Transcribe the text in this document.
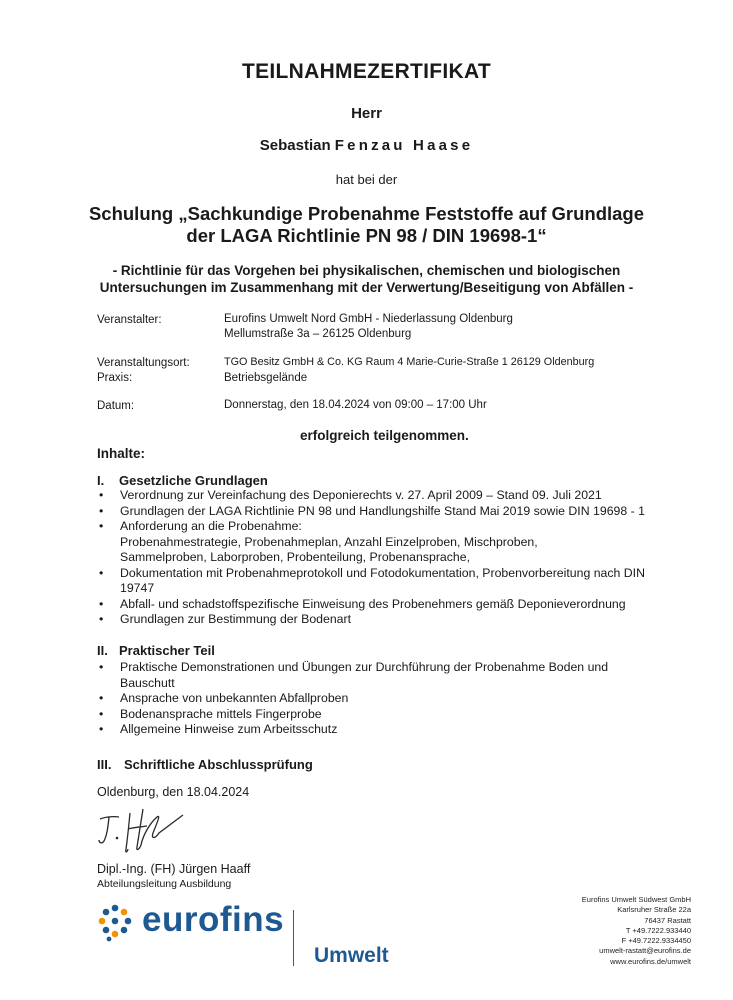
TEILNAHMEZERTIFIKAT
Herr
Sebastian Fenzau Haase
hat bei der
Schulung „Sachkundige Probenahme Feststoffe auf Grundlage
der LAGA Richtlinie PN 98 / DIN 19698-1“
- Richtlinie für das Vorgehen bei physikalischen, chemischen und biologischen
Untersuchungen im Zusammenhang mit der Verwertung/Beseitigung von Abfällen -
Veranstalter:	Eurofins Umwelt Nord GmbH - Niederlassung Oldenburg
Mellumstraße 3a – 26125 Oldenburg
Veranstaltungsort:	TGO Besitz GmbH & Co. KG Raum 4 Marie-Curie-Straße 1 26129 Oldenburg
Praxis:	Betriebsgelände
Datum:	Donnerstag, den 18.04.2024 von 09:00 – 17:00 Uhr
erfolgreich teilgenommen.
Inhalte:
I. Gesetzliche Grundlagen
• Verordnung zur Vereinfachung des Deponierechts v. 27. April 2009 – Stand 09. Juli 2021
• Grundlagen der LAGA Richtlinie PN 98 und Handlungshilfe Stand Mai 2019 sowie DIN 19698 - 1
• Anforderung an die Probenahme:
Probenahmestrategie, Probenahmeplan, Anzahl Einzelproben, Mischproben, Sammelproben, Laborproben, Probenteilung, Probenansprache,
• Dokumentation mit Probenahmeprotokoll und Fotodokumentation, Probenvorbereitung nach DIN 19747
• Abfall- und schadstoffspezifische Einweisung des Probenehmers gemäß Deponieverordnung
• Grundlagen zur Bestimmung der Bodenart
II. Praktischer Teil
• Praktische Demonstrationen und Übungen zur Durchführung der Probenahme Boden und Bauschutt
• Ansprache von unbekannten Abfallproben
• Bodenansprache mittels Fingerprobe
• Allgemeine Hinweise zum Arbeitsschutz
III. Schriftliche Abschlussprüfung
Oldenburg, den 18.04.2024
Dipl.-Ing. (FH) Jürgen Haaff
Abteilungsleitung Ausbildung
eurofins
Umwelt
Eurofins Umwelt Südwest GmbH
Karlsruher Straße 22a
76437 Rastatt
T +49.7222.933440
F +49.7222.9334450
umwelt-rastatt@eurofins.de
www.eurofins.de/umwelt
